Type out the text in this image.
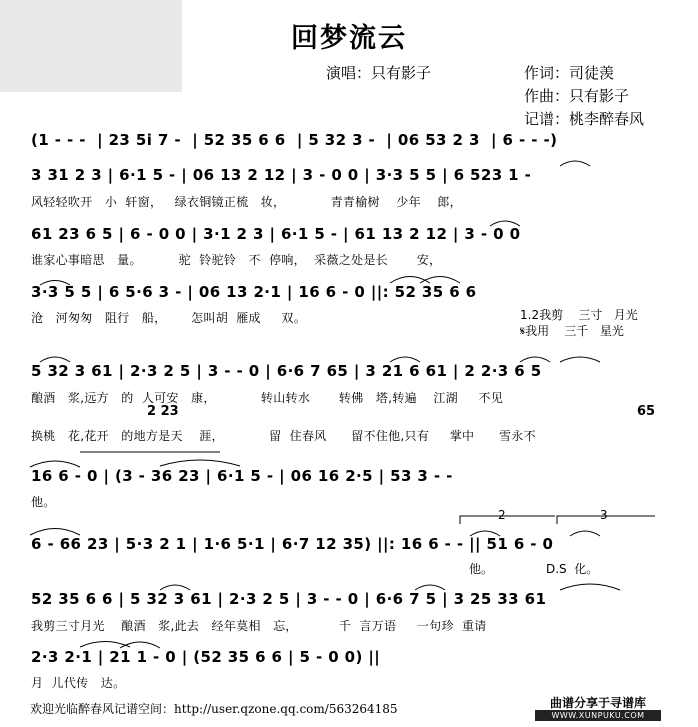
回梦流云
演唱：只有影子	作词：司徒羡
作曲：只有影子
记谱：桃李醉春风
(1 - - -  | 23 5i 7 -  | 52 35 6 6  | 5 32 3 -  | 06 53 2 3  | 6 - - -)
3 31 2 3 | 6·1 5 - | 06 13 2 12 | 3 - 0 0 | 3·3 5 5 | 6 523 1 -
风轻轻吹开   小  轩窗，   绿衣铜镜正梳   妆，           青青榆树    少年    郎，
61 23 6 5 | 6 - 0 0 | 3·1 2 3 | 6·1 5 - | 61 13 2 12 | 3 - 0 0
谁家心事暗思   量。         驼  铃驼铃   不  停响，  采薇之处是长       安，
3·3 5 5 | 6 5·6 3 - | 06 13 2·1 | 16 6 - 0 ||: 52 35 6 6
沧   河匆匆   阻行   船，      怎叫胡  雁成     双。	1.2我剪    三寸   月光
𝄋我用    三千   星光
5 32 3 61 | 2·3 2 5 | 3 - - 0 | 6·6 7 65 | 3 21 6 61 | 2 2·3 6 5
酿酒   浆,远方   的  人可安   康，           转山转水       转佛   塔,转遍    江湖     不见
2 23	65
换桃   花,花开   的地方是天    涯，           留  住春风      留不住他,只有     掌中      雪永不
16 6 - 0 | (3 - 36 23 | 6·1 5 - | 06 16 2·5 | 53 3 - -
他。
6 - 66 23 | 5·3 2 1 | 1·6 5·1 | 6·7 12 35) ||: 16 6 - - || 51 6 - 0
2	3
他。	D.S  化。
52 35 6 6 | 5 32 3 61 | 2·3 2 5 | 3 - - 0 | 6·6 7 5 | 3 25 33 61
我剪三寸月光    酿酒   浆,此去   经年莫相   忘，          千  言万语     一句珍  重请
2·3 2·1 | 21 1 - 0 | (52 35 6 6 | 5 - 0 0) ||
月  儿代传   达。
欢迎光临醉春风记谱空间：http://user.qzone.qq.com/563264185	曲谱分享于寻谱库
WWW.XUNPUKU.COM
